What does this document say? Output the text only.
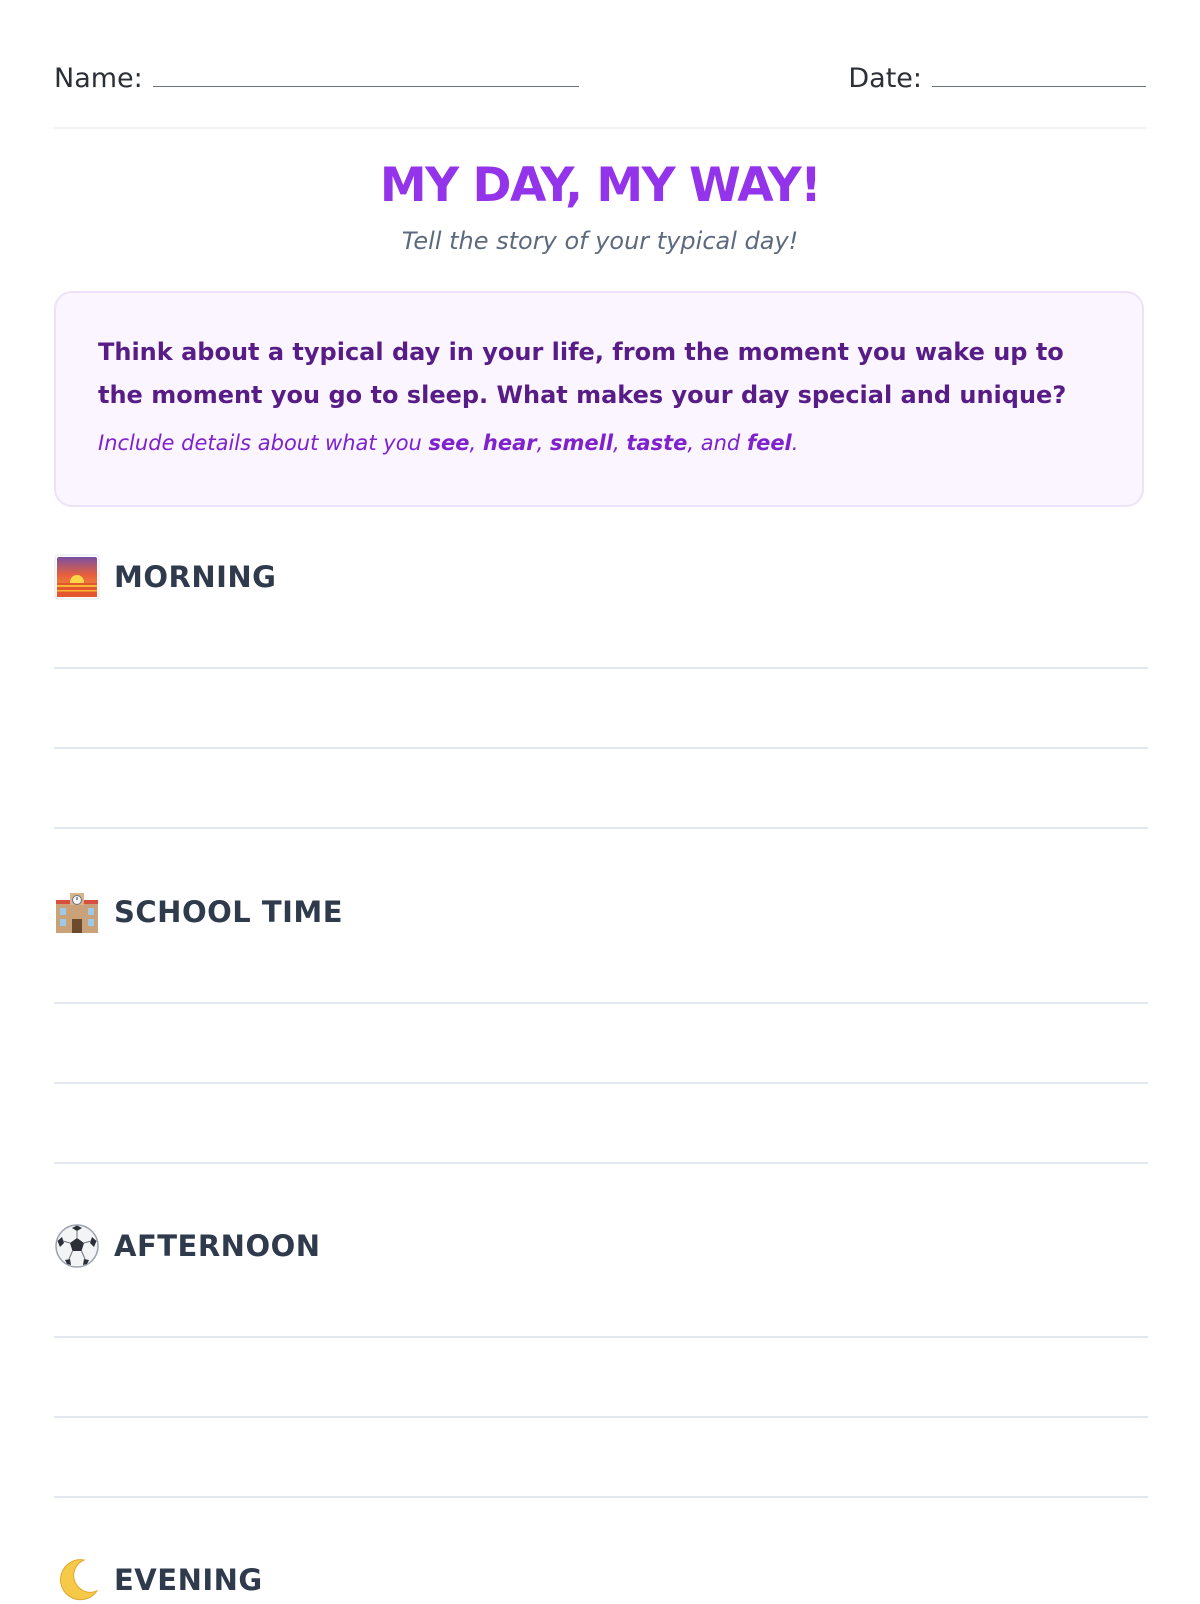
Name:	Date:
MY DAY, MY WAY!
Tell the story of your typical day!

Think about a typical day in your life, from the moment you wake up to the moment you go to sleep. What makes your day special and unique?

Include details about what you see, hear, smell, taste, and feel.
MORNING
SCHOOL TIME
AFTERNOON
EVENING
